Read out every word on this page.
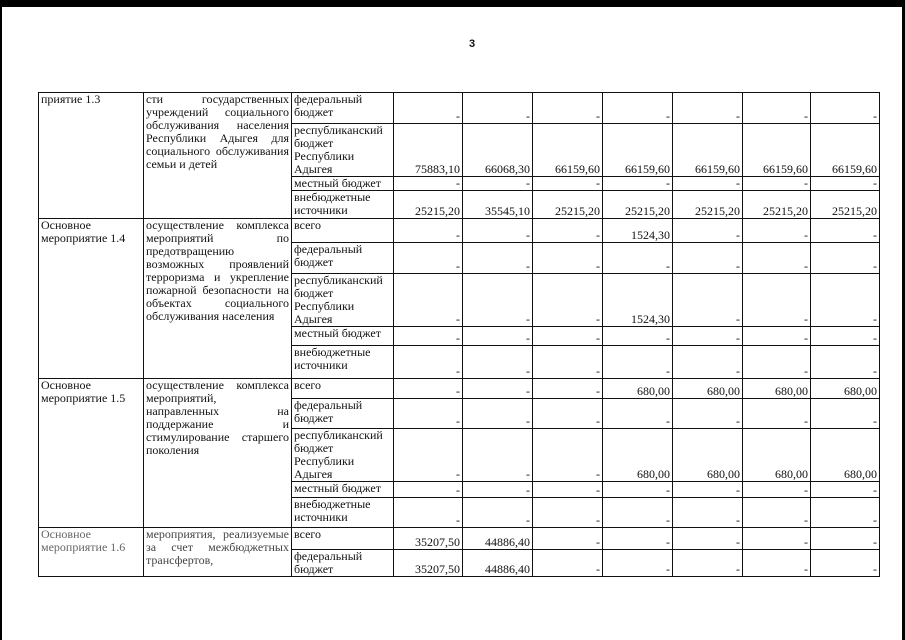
3
приятие 1.3	сти государственных учреждений социального обслуживания населения Республики Адыгея для социального обслуживания семьи и детей	федеральный бюджет	-	-	-	-	-	-	-
		республиканский бюджет Республики Адыгея	75883,10	66068,30	66159,60	66159,60	66159,60	66159,60	66159,60
		местный бюджет	-	-	-	-	-	-	-
		внебюджетные источники	25215,20	35545,10	25215,20	25215,20	25215,20	25215,20	25215,20
Основное мероприятие 1.4	осуществление комплекса мероприятий по предотвращению возможных проявлений терроризма и укрепление пожарной безопасности на объектах социального обслуживания населения	всего	-	-	-	1524,30	-	-	-
		федеральный бюджет	-	-	-	-	-	-	-
		республиканский бюджет Республики Адыгея	-	-	-	1524,30	-	-	-
		местный бюджет	-	-	-	-	-	-	-
		внебюджетные источники	-	-	-	-	-	-	-
Основное мероприятие 1.5	осуществление комплекса мероприятий, направленных на поддержание и стимулирование старшего поколения	всего	-	-	-	680,00	680,00	680,00	680,00
		федеральный бюджет	-	-	-	-	-	-	-
		республиканский бюджет Республики Адыгея	-	-	-	680,00	680,00	680,00	680,00
		местный бюджет	-	-	-	-	-	-	-
		внебюджетные источники	-	-	-	-	-	-	-
Основное мероприятие 1.6	мероприятия, реализуемые за счет межбюджетных трансфертов,	всего	35207,50	44886,40	-	-	-	-	-
		федеральный бюджет	35207,50	44886,40	-	-	-	-	-
